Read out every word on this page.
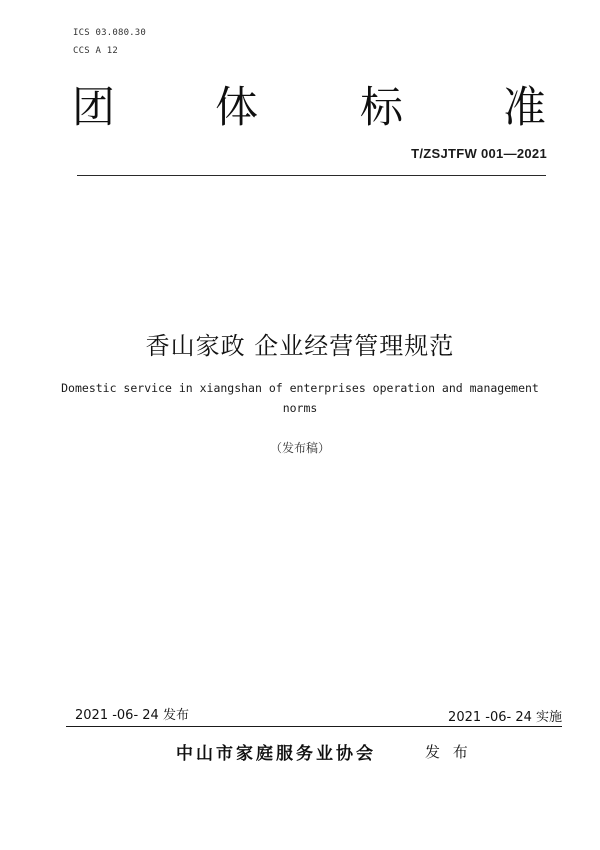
ICS 03.080.30
CCS A 12
团 体 标 准
T/ZSJTFW 001—2021
香山家政 企业经营管理规范
Domestic service in xiangshan of enterprises operation and management
norms
（发布稿）
2021 -06- 24 发布	2021 -06- 24 实施
中山市家庭服务业协会	发 布
